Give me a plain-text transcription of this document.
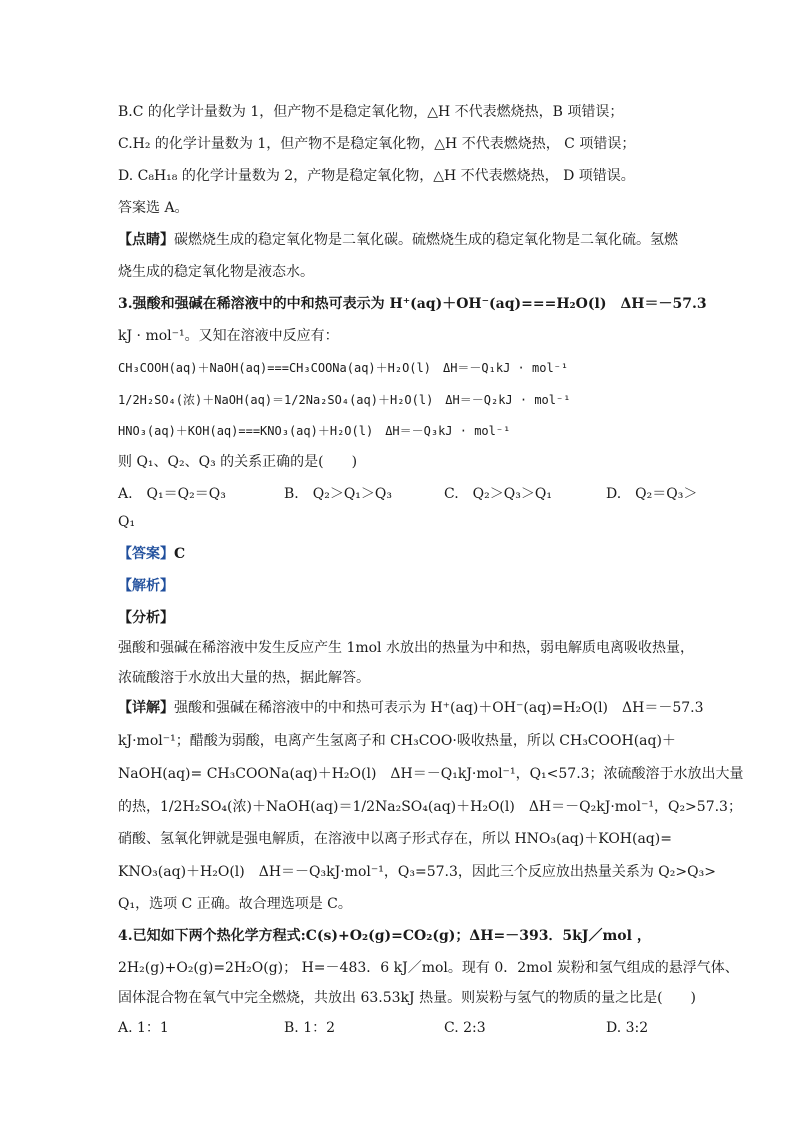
B.C 的化学计量数为 1，但产物不是稳定氧化物，△H 不代表燃烧热，B 项错误；
C.H₂ 的化学计量数为 1，但产物不是稳定氧化物，△H 不代表燃烧热， C 项错误；
D. C₈H₁₈ 的化学计量数为 2，产物是稳定氧化物，△H 不代表燃烧热， D 项错误。
答案选 A。
【点睛】碳燃烧生成的稳定氧化物是二氧化碳。硫燃烧生成的稳定氧化物是二氧化硫。氢燃
烧生成的稳定氧化物是液态水。
3.强酸和强碱在稀溶液中的中和热可表示为 H⁺(aq)＋OH⁻(aq)===H₂O(l)　ΔH＝－57.3
kJ · mol⁻¹。又知在溶液中反应有：
CH₃COOH(aq)＋NaOH(aq)===CH₃COONa(aq)＋H₂O(l)　ΔH＝－Q₁kJ · mol⁻¹
1/2H₂SO₄(浓)＋NaOH(aq)＝1/2Na₂SO₄(aq)＋H₂O(l)　ΔH＝－Q₂kJ · mol⁻¹
HNO₃(aq)＋KOH(aq)===KNO₃(aq)＋H₂O(l)　ΔH＝－Q₃kJ · mol⁻¹
则 Q₁、Q₂、Q₃ 的关系正确的是(　　)
A.　Q₁＝Q₂＝Q₃	B.　Q₂＞Q₁＞Q₃	C.　Q₂＞Q₃＞Q₁	D.　Q₂＝Q₃＞
Q₁
【答案】C
【解析】
【分析】
强酸和强碱在稀溶液中发生反应产生 1mol 水放出的热量为中和热，弱电解质电离吸收热量，
浓硫酸溶于水放出大量的热，据此解答。
【详解】强酸和强碱在稀溶液中的中和热可表示为 H⁺(aq)＋OH⁻(aq)=H₂O(l)　ΔH＝－57.3
kJ·mol⁻¹；醋酸为弱酸，电离产生氢离子和 CH₃COO·吸收热量，所以 CH₃COOH(aq)＋
NaOH(aq)= CH₃COONa(aq)＋H₂O(l)　ΔH＝－Q₁kJ·mol⁻¹，Q₁<57.3；浓硫酸溶于水放出大量
的热，1/2H₂SO₄(浓)＋NaOH(aq)＝1/2Na₂SO₄(aq)＋H₂O(l)　ΔH＝－Q₂kJ·mol⁻¹，Q₂>57.3；
硝酸、氢氧化钾就是强电解质，在溶液中以离子形式存在，所以 HNO₃(aq)＋KOH(aq)=
KNO₃(aq)＋H₂O(l)　ΔH＝－Q₃kJ·mol⁻¹，Q₃=57.3，因此三个反应放出热量关系为 Q₂>Q₃>
Q₁，选项 C 正确。故合理选项是 C。
4.已知如下两个热化学方程式:C(s)+O₂(g)=CO₂(g)；ΔH=－393．5kJ／mol ，
2H₂(g)+O₂(g)=2H₂O(g)； H=－483．6 kJ／mol。现有 0．2mol 炭粉和氢气组成的悬浮气体、
固体混合物在氧气中完全燃烧，共放出 63.53kJ 热量。则炭粉与氢气的物质的量之比是(　　)
A. 1：1	B. 1：2	C. 2:3	D. 3:2
